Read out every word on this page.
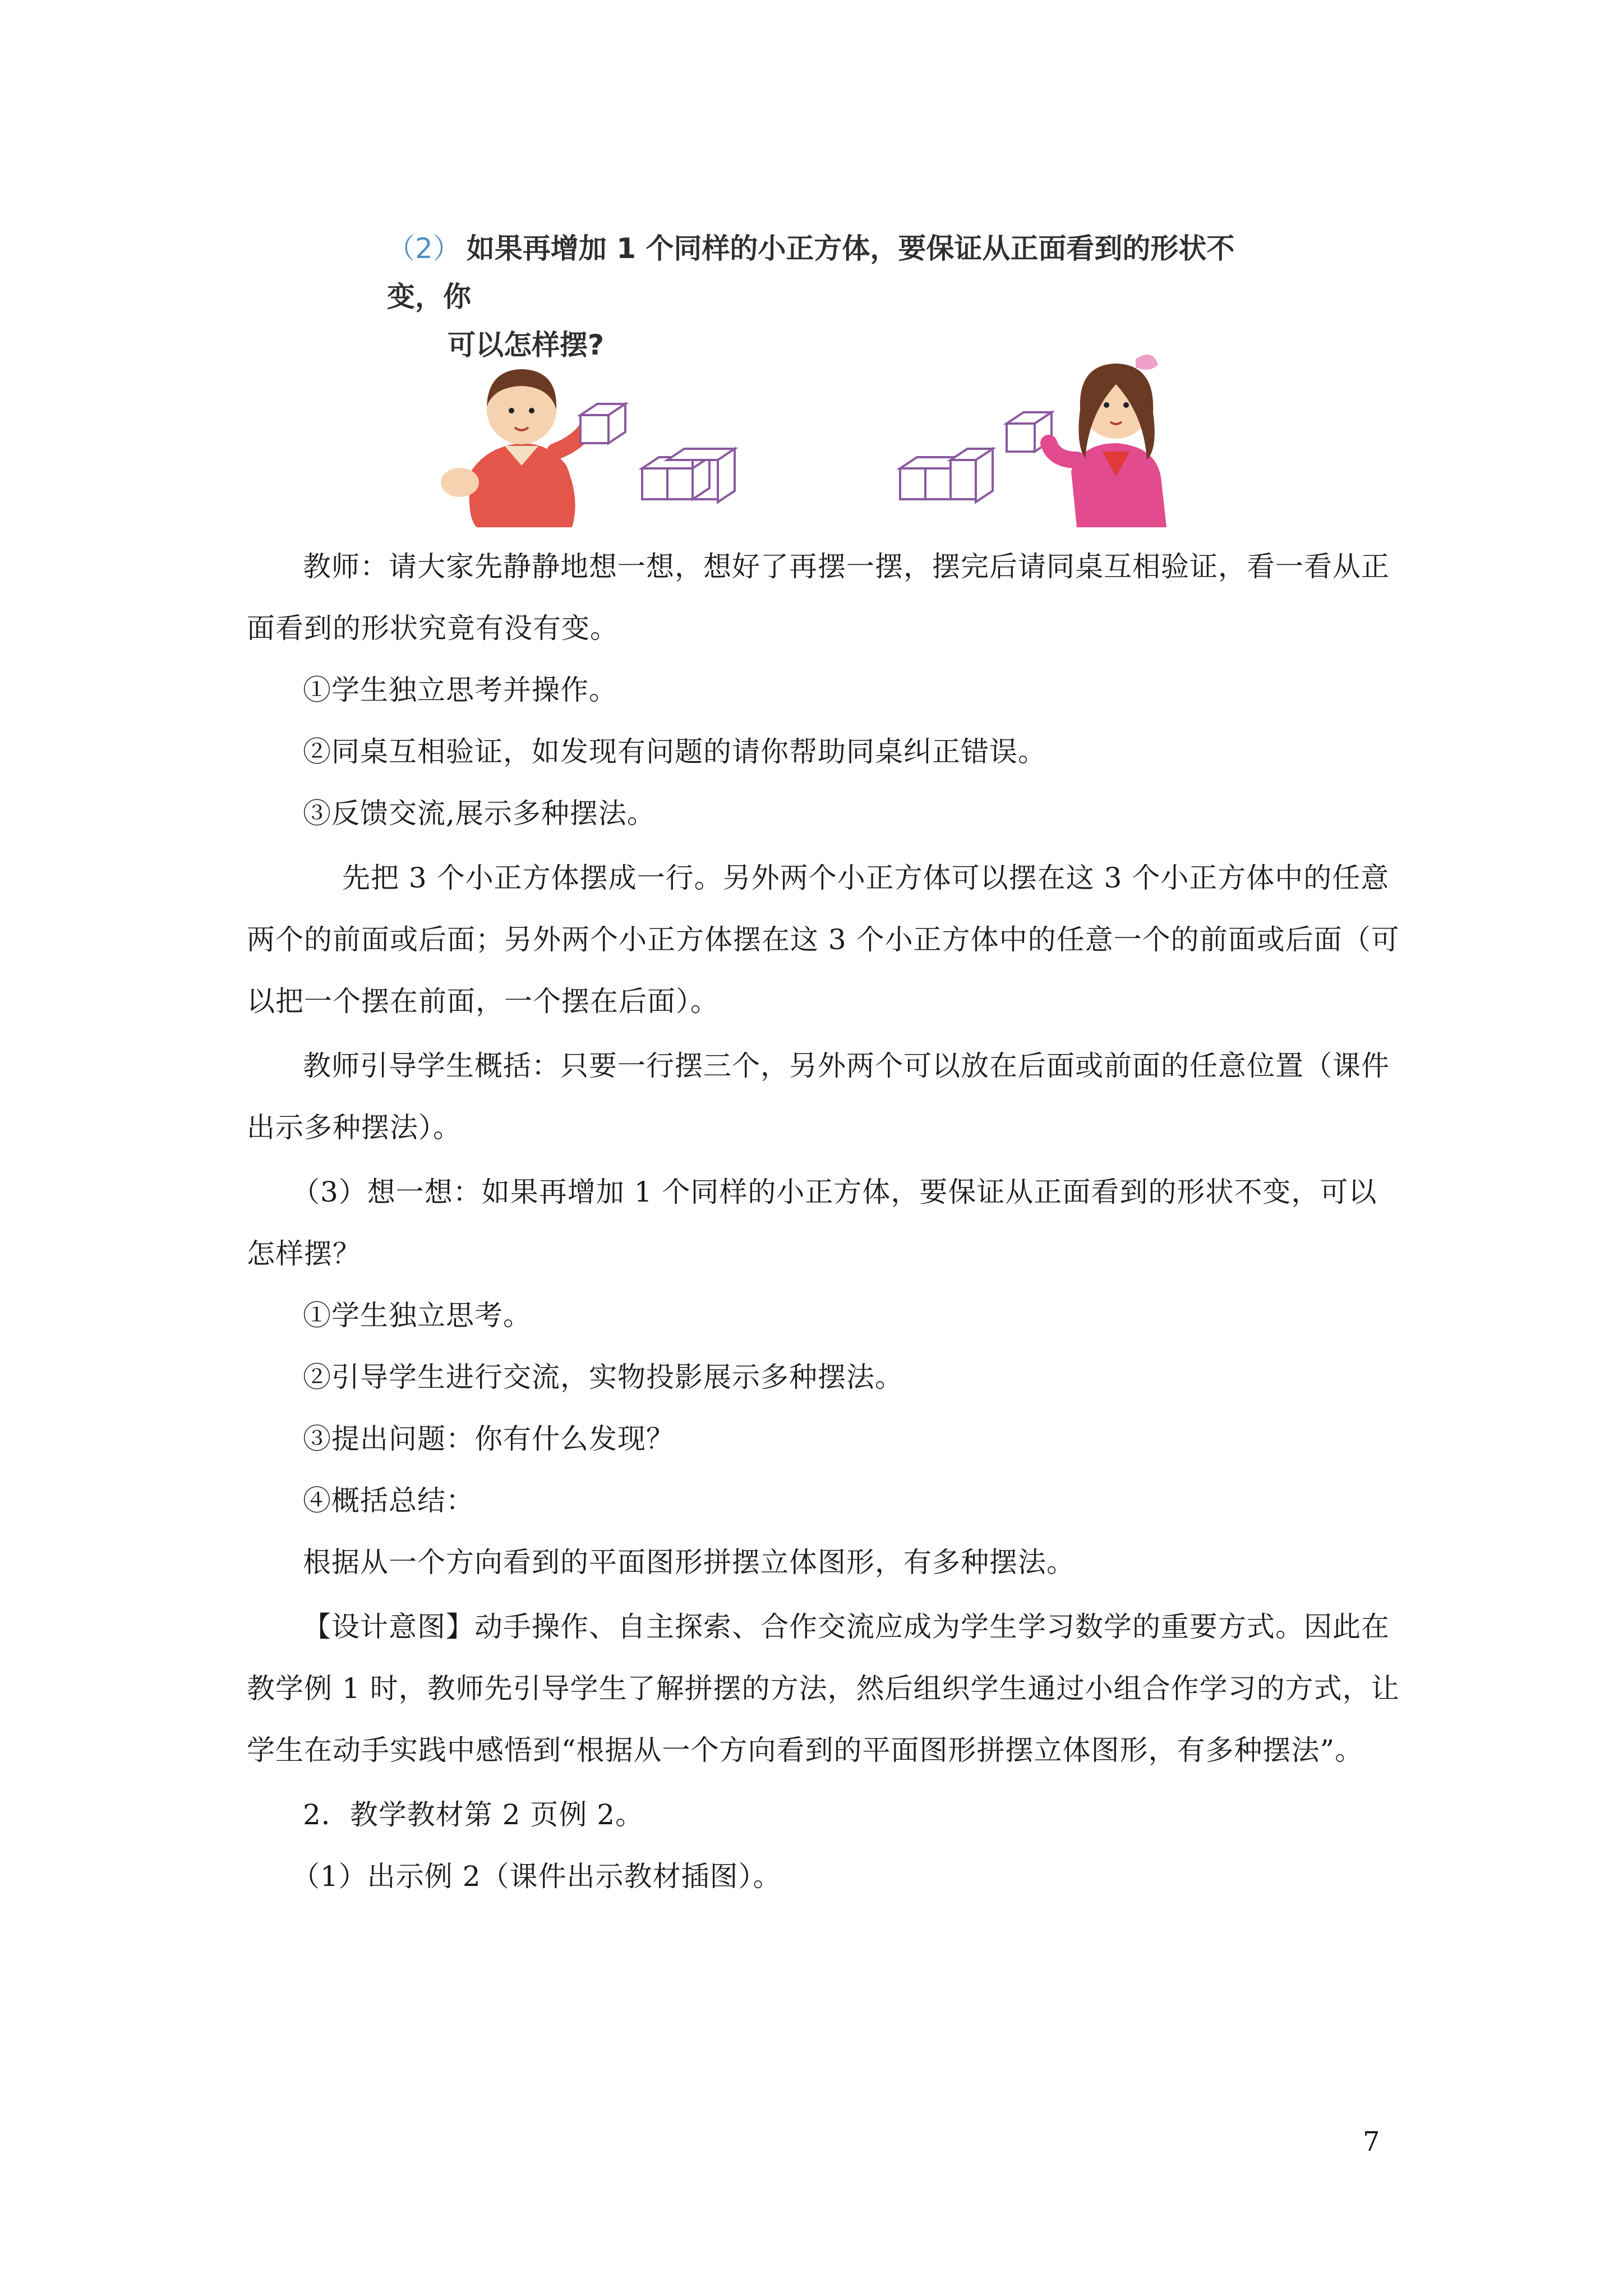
（2） 如果再增加 1 个同样的小正方体，要保证从正面看到的形状不变，你
可以怎样摆?
教师：请大家先静静地想一想，想好了再摆一摆，摆完后请同桌互相验证，看一看从正
面看到的形状究竟有没有变。
①学生独立思考并操作。
②同桌互相验证，如发现有问题的请你帮助同桌纠正错误。
③反馈交流,展示多种摆法。
先把 3 个小正方体摆成一行。另外两个小正方体可以摆在这 3 个小正方体中的任意
两个的前面或后面；另外两个小正方体摆在这 3 个小正方体中的任意一个的前面或后面（可
以把一个摆在前面，一个摆在后面）。
教师引导学生概括：只要一行摆三个，另外两个可以放在后面或前面的任意位置（课件
出示多种摆法）。
（3）想一想：如果再增加 1 个同样的小正方体，要保证从正面看到的形状不变，可以
怎样摆？
①学生独立思考。
②引导学生进行交流，实物投影展示多种摆法。
③提出问题：你有什么发现？
④概括总结：
根据从一个方向看到的平面图形拼摆立体图形，有多种摆法。
【设计意图】动手操作、自主探索、合作交流应成为学生学习数学的重要方式。因此在
教学例 1 时，教师先引导学生了解拼摆的方法，然后组织学生通过小组合作学习的方式，让
学生在动手实践中感悟到“根据从一个方向看到的平面图形拼摆立体图形，有多种摆法”。
2．教学教材第 2 页例 2。
（1）出示例 2（课件出示教材插图）。
7
